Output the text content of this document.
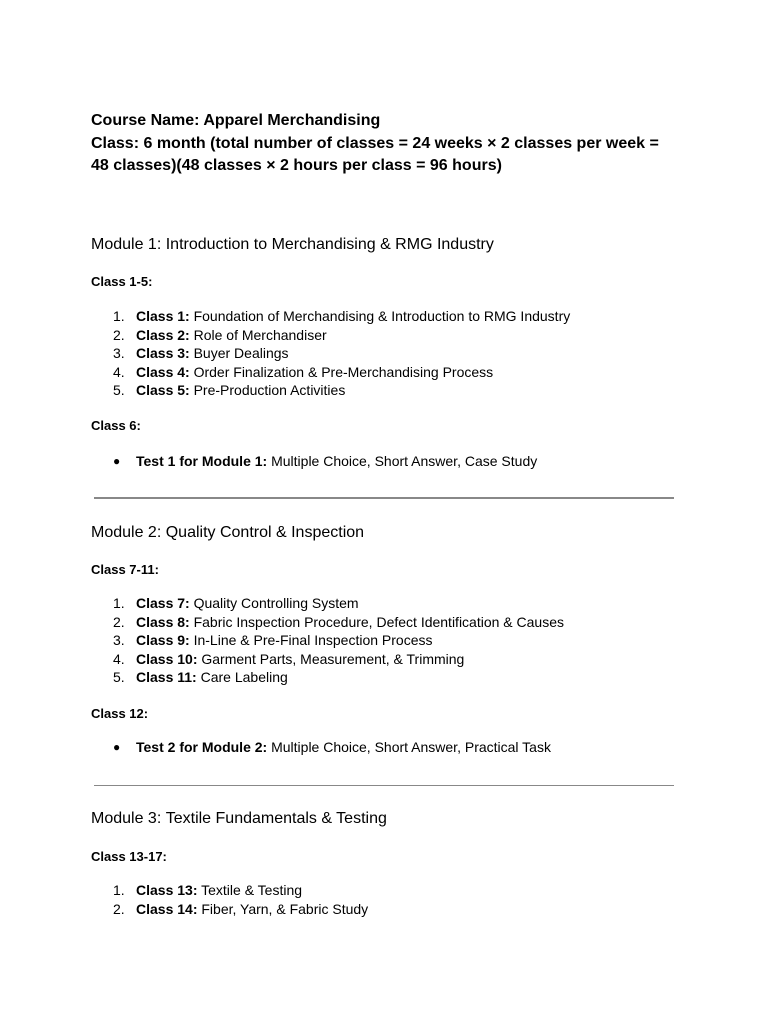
Course Name: Apparel Merchandising

Class: 6 month (total number of classes = 24 weeks × 2 classes per week =
48 classes)(48 classes × 2 hours per class = 96 hours)

Module 1: Introduction to Merchandising & RMG Industry

Class 1-5:

1. Class 1: Foundation of Merchandising & Introduction to RMG Industry
2. Class 2: Role of Merchandiser
3. Class 3: Buyer Dealings
4. Class 4: Order Finalization & Pre-Merchandising Process
5. Class 5: Pre-Production Activities

Class 6:

● Test 1 for Module 1: Multiple Choice, Short Answer, Case Study

Module 2: Quality Control & Inspection

Class 7-11:

1. Class 7: Quality Controlling System
2. Class 8: Fabric Inspection Procedure, Defect Identification & Causes
3. Class 9: In-Line & Pre-Final Inspection Process
4. Class 10: Garment Parts, Measurement, & Trimming
5. Class 11: Care Labeling

Class 12:

● Test 2 for Module 2: Multiple Choice, Short Answer, Practical Task

Module 3: Textile Fundamentals & Testing

Class 13-17:

1. Class 13: Textile & Testing
2. Class 14: Fiber, Yarn, & Fabric Study
